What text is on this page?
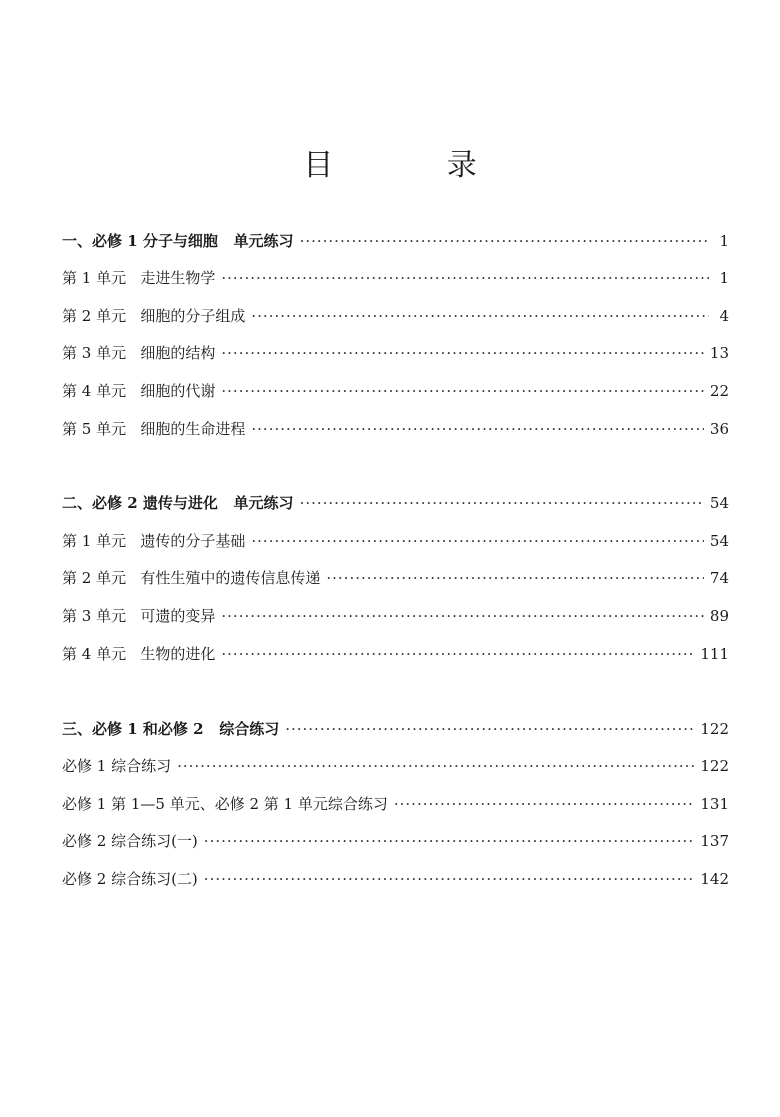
目 录
一、必修 1 分子与细胞   单元练习 ·····	1
第 1 单元   走进生物学 ·····	1
第 2 单元   细胞的分子组成 ·····	4
第 3 单元   细胞的结构 ·····	13
第 4 单元   细胞的代谢 ·····	22
第 5 单元   细胞的生命进程 ·····	36
二、必修 2 遗传与进化   单元练习 ·····	54
第 1 单元   遗传的分子基础 ·····	54
第 2 单元   有性生殖中的遗传信息传递 ·····	74
第 3 单元   可遗的变异 ·····	89
第 4 单元   生物的进化 ·····	111
三、必修 1 和必修 2   综合练习 ·····	122
必修 1 综合练习 ·····	122
必修 1 第 1—5 单元、必修 2 第 1 单元综合练习 ·····	131
必修 2 综合练习(一) ·····	137
必修 2 综合练习(二) ·····	142
